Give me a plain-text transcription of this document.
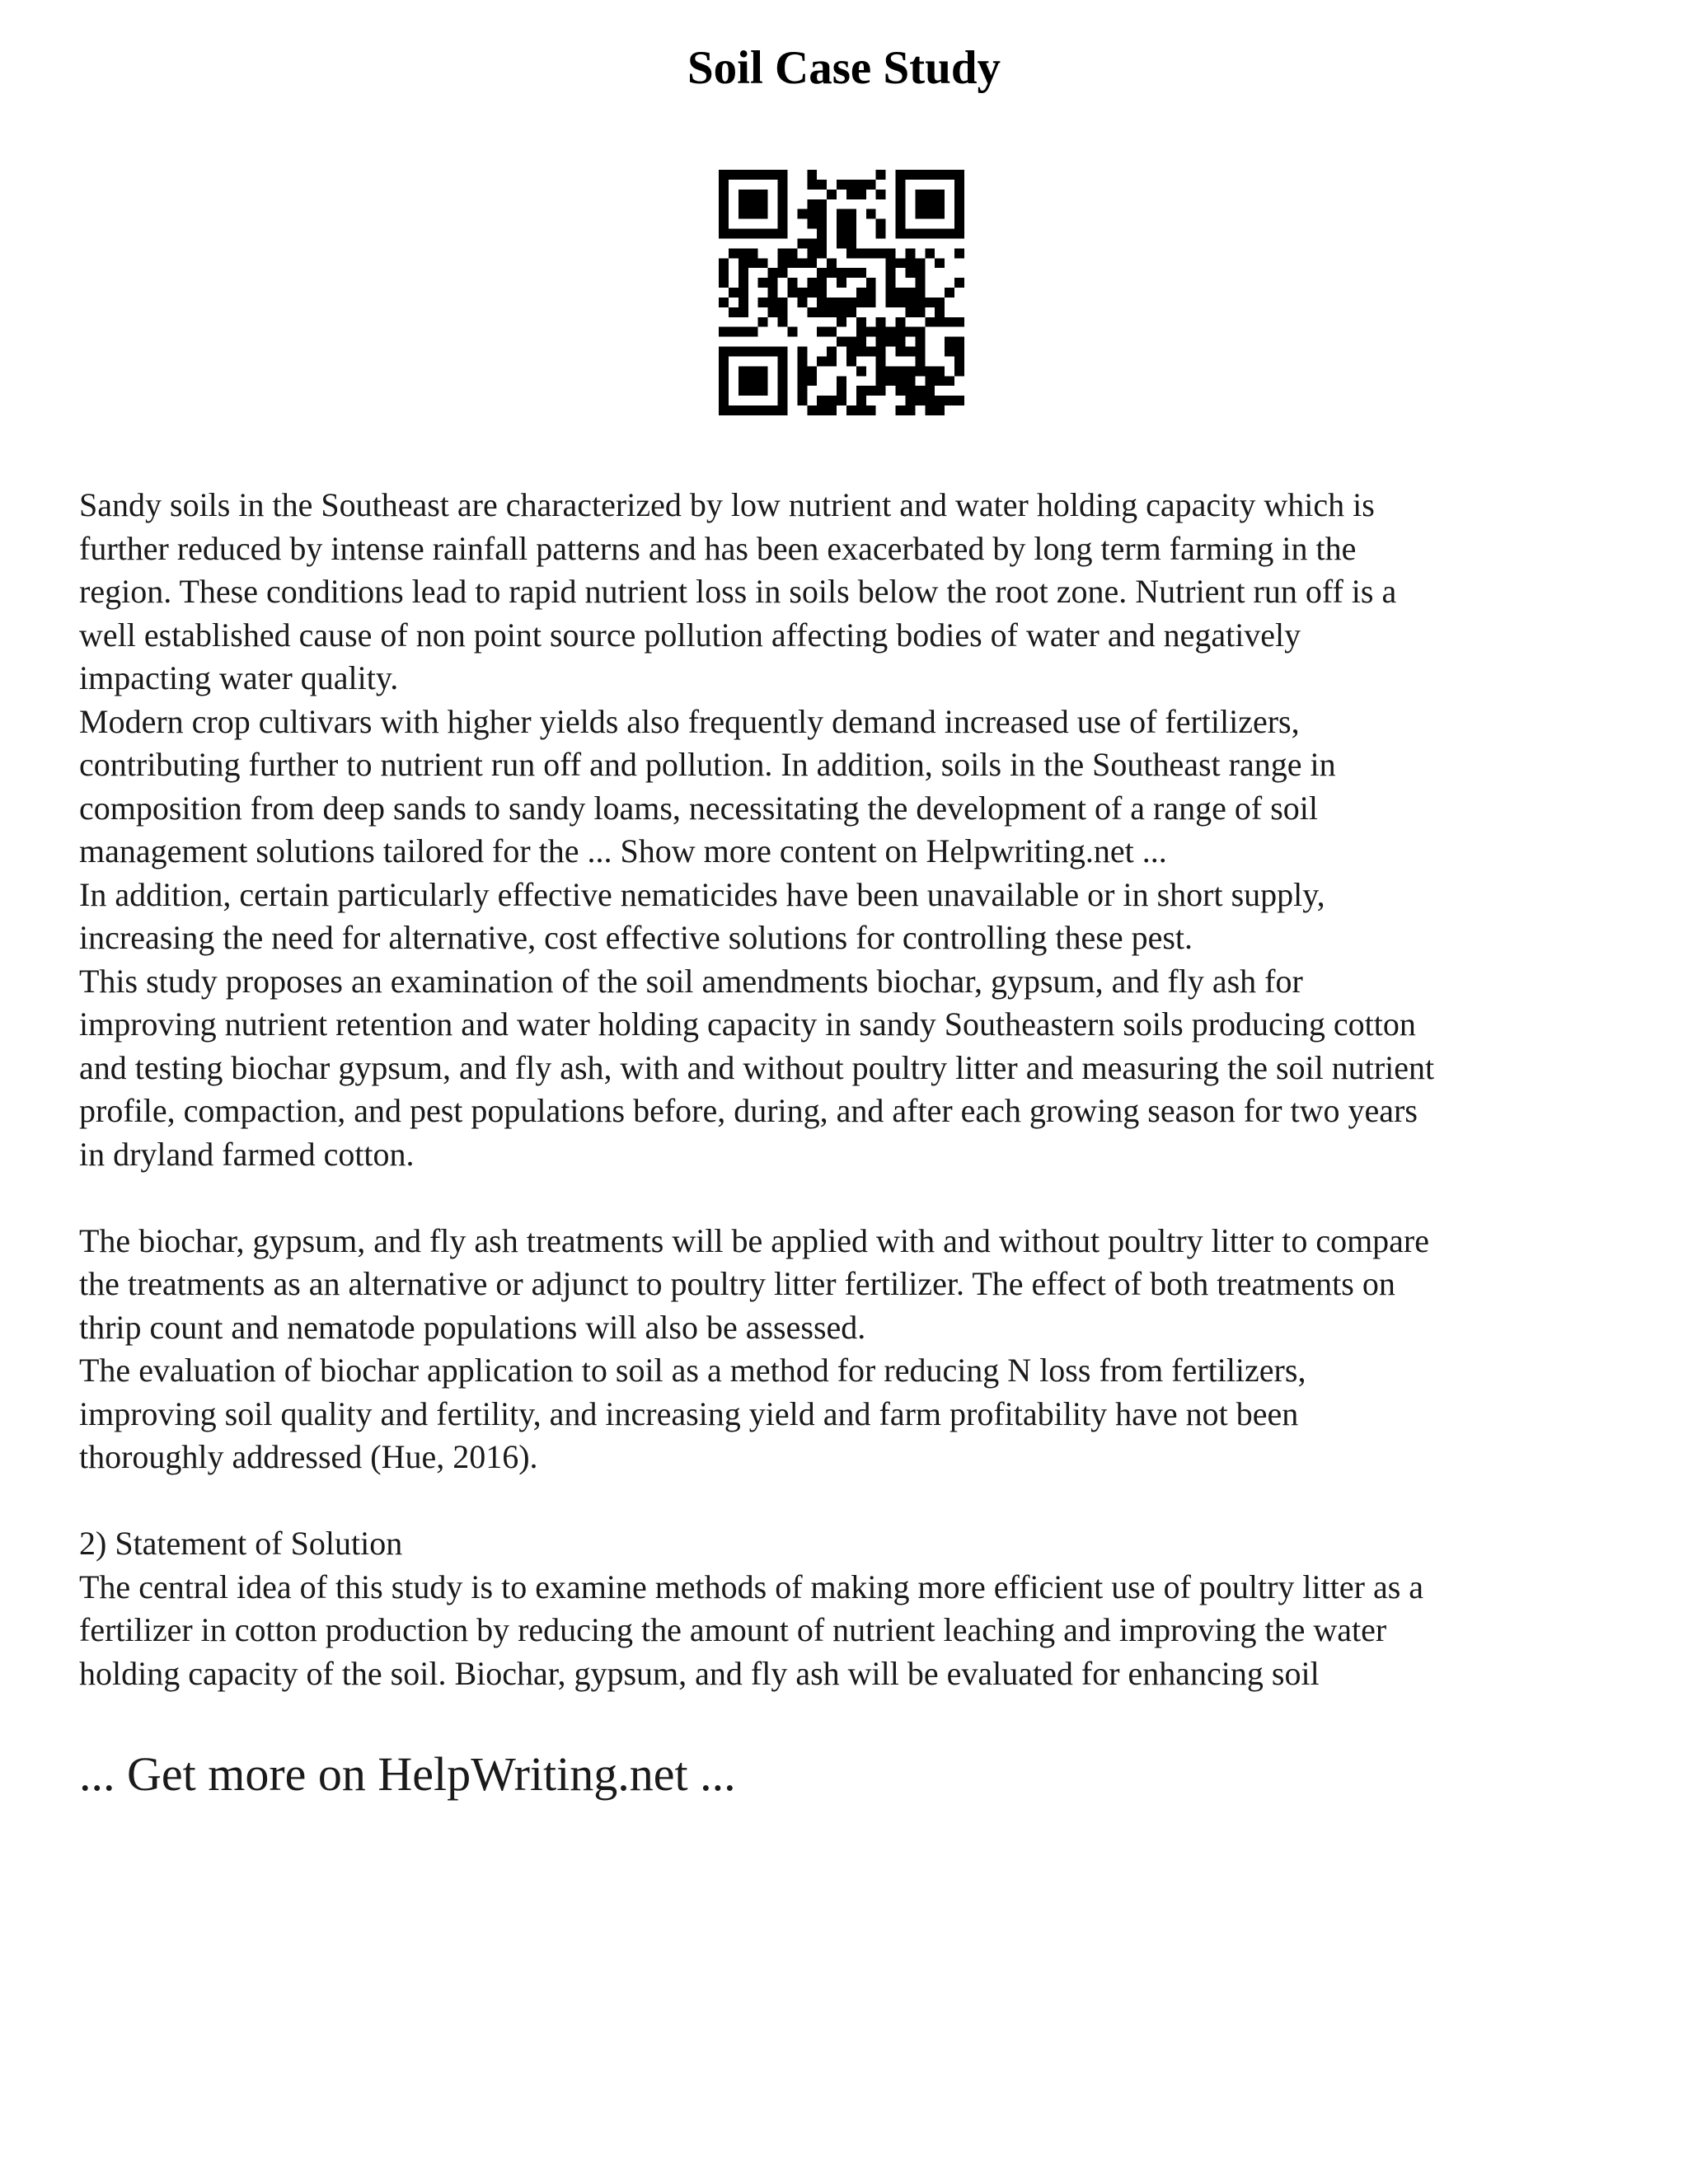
Soil Case Study

Sandy soils in the Southeast are characterized by low nutrient and water holding capacity which is

further reduced by intense rainfall patterns and has been exacerbated by long term farming in the

region. These conditions lead to rapid nutrient loss in soils below the root zone. Nutrient run off is a

well established cause of non point source pollution affecting bodies of water and negatively

impacting water quality.

Modern crop cultivars with higher yields also frequently demand increased use of fertilizers,

contributing further to nutrient run off and pollution. In addition, soils in the Southeast range in

composition from deep sands to sandy loams, necessitating the development of a range of soil

management solutions tailored for the ... Show more content on Helpwriting.net ...

In addition, certain particularly effective nematicides have been unavailable or in short supply,

increasing the need for alternative, cost effective solutions for controlling these pest.

This study proposes an examination of the soil amendments biochar, gypsum, and fly ash for

improving nutrient retention and water holding capacity in sandy Southeastern soils producing cotton

and testing biochar gypsum, and fly ash, with and without poultry litter and measuring the soil nutrient

profile, compaction, and pest populations before, during, and after each growing season for two years

in dryland farmed cotton.

The biochar, gypsum, and fly ash treatments will be applied with and without poultry litter to compare

the treatments as an alternative or adjunct to poultry litter fertilizer. The effect of both treatments on

thrip count and nematode populations will also be assessed.

The evaluation of biochar application to soil as a method for reducing N loss from fertilizers,

improving soil quality and fertility, and increasing yield and farm profitability have not been

thoroughly addressed (Hue, 2016).

2) Statement of Solution

The central idea of this study is to examine methods of making more efficient use of poultry litter as a

fertilizer in cotton production by reducing the amount of nutrient leaching and improving the water

holding capacity of the soil. Biochar, gypsum, and fly ash will be evaluated for enhancing soil

... Get more on HelpWriting.net ...
